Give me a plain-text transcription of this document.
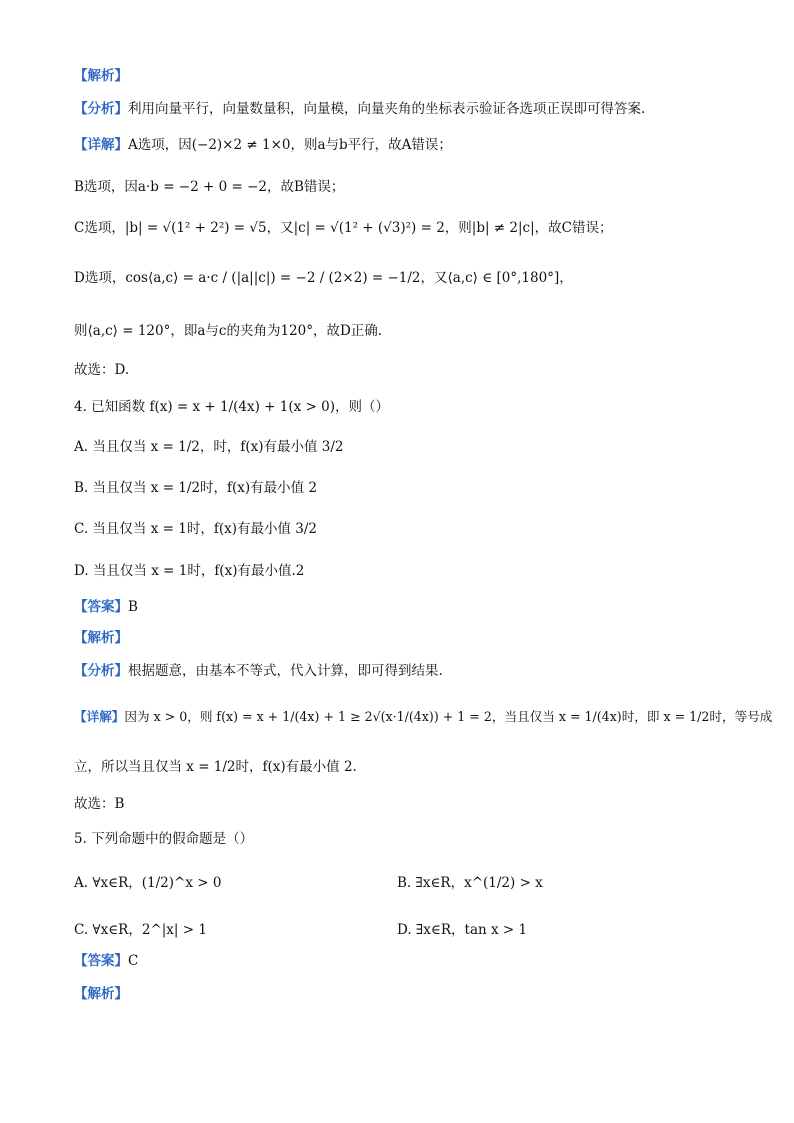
【解析】
【分析】利用向量平行，向量数量积，向量模，向量夹角的坐标表示验证各选项正误即可得答案.
【详解】A选项，因(−2)×2 ≠ 1×0，则a与b平行，故A错误；
B选项，因a·b = −2 + 0 = −2，故B错误；
C选项，|b| = √(1² + 2²) = √5，又|c| = √(1² + (√3)²) = 2，则|b| ≠ 2|c|，故C错误；
D选项，cos⟨a,c⟩ = a·c / (|a||c|) = −2 / (2×2) = −1/2，又⟨a,c⟩ ∈ [0°,180°]，
则⟨a,c⟩ = 120°，即a与c的夹角为120°，故D正确.
故选：D.
4. 已知函数 f(x) = x + 1/(4x) + 1(x > 0)，则（）
A. 当且仅当 x = 1/2，时，f(x)有最小值 3/2
B. 当且仅当 x = 1/2时，f(x)有最小值 2
C. 当且仅当 x = 1时，f(x)有最小值 3/2
D. 当且仅当 x = 1时，f(x)有最小值.2
【答案】B
【解析】
【分析】根据题意，由基本不等式，代入计算，即可得到结果.
【详解】因为 x > 0，则 f(x) = x + 1/(4x) + 1 ≥ 2√(x·1/(4x)) + 1 = 2，当且仅当 x = 1/(4x)时，即 x = 1/2时，等号成
立，所以当且仅当 x = 1/2时，f(x)有最小值 2.
故选：B
5. 下列命题中的假命题是（）
A. ∀x∈R，(1/2)^x > 0	B. ∃x∈R，x^(1/2) > x
C. ∀x∈R，2^|x| > 1	D. ∃x∈R，tan x > 1
【答案】C
【解析】
